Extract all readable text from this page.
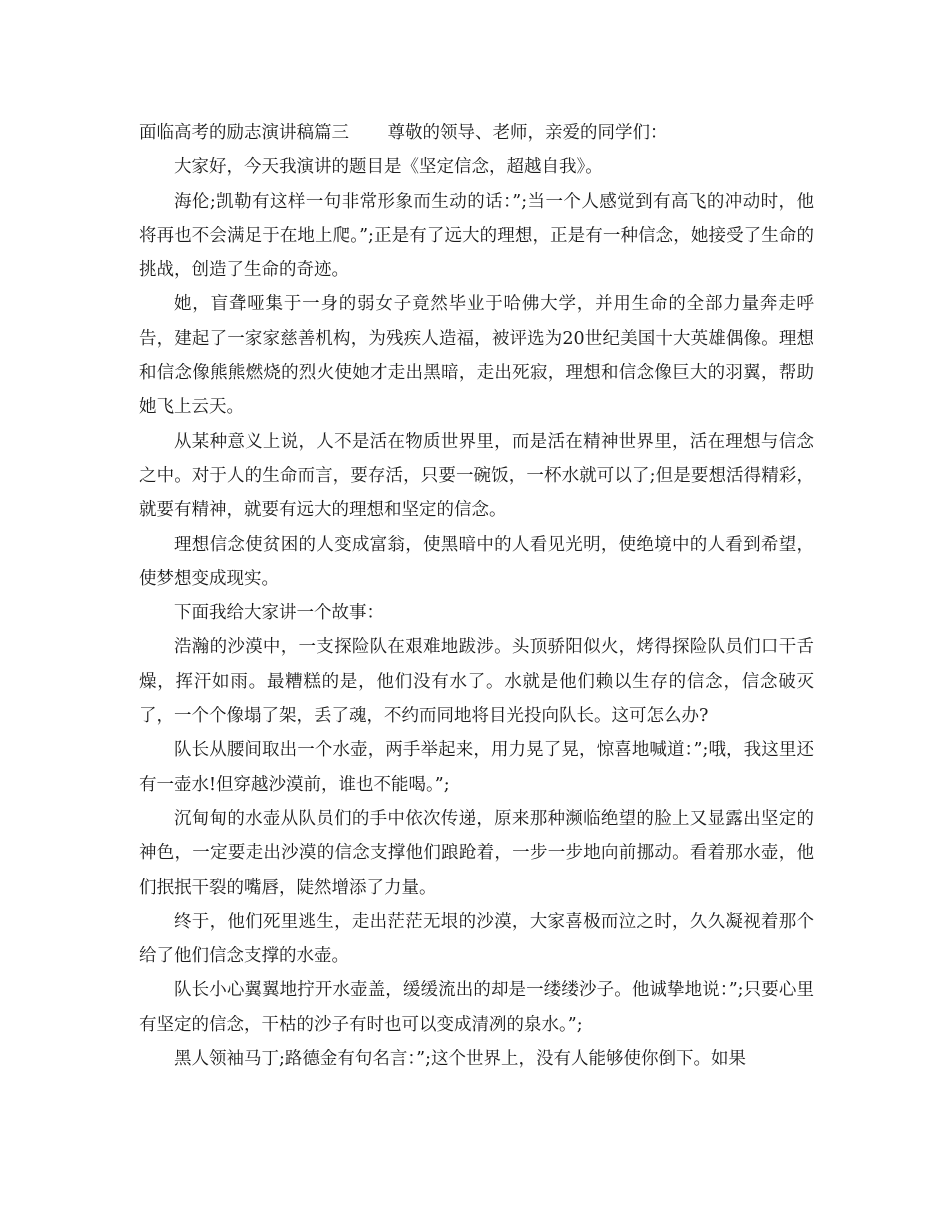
面临高考的励志演讲稿篇三 尊敬的领导、老师，亲爱的同学们：

大家好，今天我演讲的题目是《坚定信念，超越自我》。

海伦;凯勒有这样一句非常形象而生动的话：”;当一个人感觉到有高飞的冲动时，他将再也不会满足于在地上爬。”;正是有了远大的理想，正是有一种信念，她接受了生命的挑战，创造了生命的奇迹。

她，盲聋哑集于一身的弱女子竟然毕业于哈佛大学，并用生命的全部力量奔走呼告，建起了一家家慈善机构，为残疾人造福，被评选为20世纪美国十大英雄偶像。理想和信念像熊熊燃烧的烈火使她才走出黑暗，走出死寂，理想和信念像巨大的羽翼，帮助她飞上云天。

从某种意义上说，人不是活在物质世界里，而是活在精神世界里，活在理想与信念之中。对于人的生命而言，要存活，只要一碗饭，一杯水就可以了;但是要想活得精彩，就要有精神，就要有远大的理想和坚定的信念。

理想信念使贫困的人变成富翁，使黑暗中的人看见光明，使绝境中的人看到希望，使梦想变成现实。

下面我给大家讲一个故事：

浩瀚的沙漠中，一支探险队在艰难地跋涉。头顶骄阳似火，烤得探险队员们口干舌燥，挥汗如雨。最糟糕的是，他们没有水了。水就是他们赖以生存的信念，信念破灭了，一个个像塌了架，丢了魂，不约而同地将目光投向队长。这可怎么办?

队长从腰间取出一个水壶，两手举起来，用力晃了晃，惊喜地喊道：”;哦，我这里还有一壶水!但穿越沙漠前，谁也不能喝。”;

沉甸甸的水壶从队员们的手中依次传递，原来那种濒临绝望的脸上又显露出坚定的神色，一定要走出沙漠的信念支撑他们踉跄着，一步一步地向前挪动。看着那水壶，他们抿抿干裂的嘴唇，陡然增添了力量。

终于，他们死里逃生，走出茫茫无垠的沙漠，大家喜极而泣之时，久久凝视着那个给了他们信念支撑的水壶。

队长小心翼翼地拧开水壶盖，缓缓流出的却是一缕缕沙子。他诚挚地说：”;只要心里有坚定的信念，干枯的沙子有时也可以变成清冽的泉水。”;

黑人领袖马丁;路德金有句名言：”;这个世界上，没有人能够使你倒下。如果
